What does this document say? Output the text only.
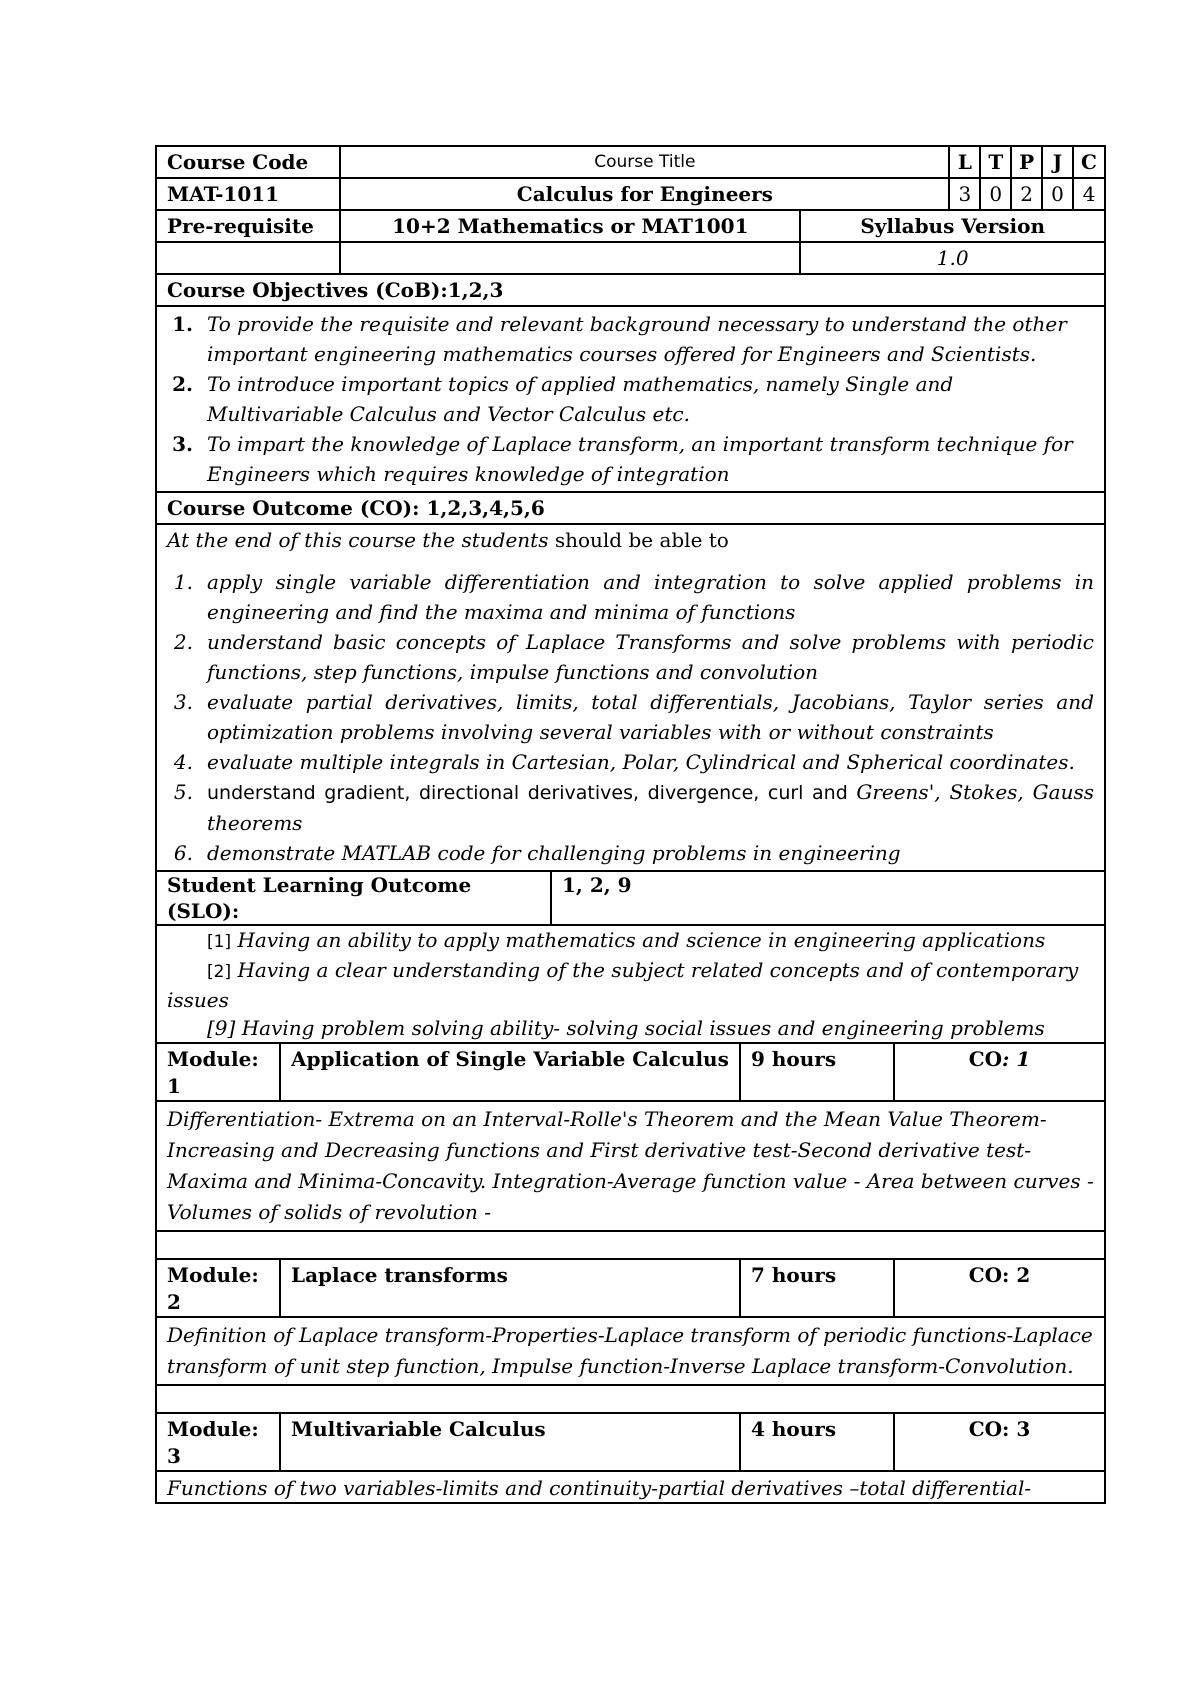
Course Code	Course Title		L	T	P	J	C
MAT-1011	Calculus for Engineers		3	0	2	0	4
Pre-requisite	10+2 Mathematics or MAT1001	Syllabus Version					
		1.0					
Course Objectives (CoB):1,2,3

1. To provide the requisite and relevant background necessary to understand the other important engineering mathematics courses offered for Engineers and Scientists.
2. To introduce important topics of applied mathematics, namely Single and Multivariable Calculus and Vector Calculus etc.
3. To impart the knowledge of Laplace transform, an important transform technique for Engineers which requires knowledge of integration

Course Outcome (CO): 1,2,3,4,5,6

At the end of this course the students should be able to
1. apply single variable differentiation and integration to solve applied problems in engineering and find the maxima and minima of functions
2. understand basic concepts of Laplace Transforms and solve problems with periodic functions, step functions, impulse functions and convolution
3. evaluate partial derivatives, limits, total differentials, Jacobians, Taylor series and optimization problems involving several variables with or without constraints
4. evaluate multiple integrals in Cartesian, Polar, Cylindrical and Spherical coordinates.
5. understand gradient, directional derivatives, divergence, curl and Greens', Stokes, Gauss theorems
6. demonstrate MATLAB code for challenging problems in engineering
Student Learning Outcome (SLO):	1, 2, 9

[1] Having an ability to apply mathematics and science in engineering applications
[2] Having a clear understanding of the subject related concepts and of contemporary issues
[9] Having problem solving ability- solving social issues and engineering problems
Module:
1	Application of Single Variable Calculus	9 hours	CO: 1
Differentiation- Extrema on an Interval-Rolle's Theorem and the Mean Value Theorem- Increasing and Decreasing functions and First derivative test-Second derivative test-Maxima and Minima-Concavity. Integration-Average function value - Area between curves - Volumes of solids of revolution -			

Module:
2	Laplace transforms	7 hours	CO: 2
Definition of Laplace transform-Properties-Laplace transform of periodic functions-Laplace transform of unit step function, Impulse function-Inverse Laplace transform-Convolution.			

Module:
3	Multivariable Calculus	4 hours	CO: 3
Functions of two variables-limits and continuity-partial derivatives –total differential-			
